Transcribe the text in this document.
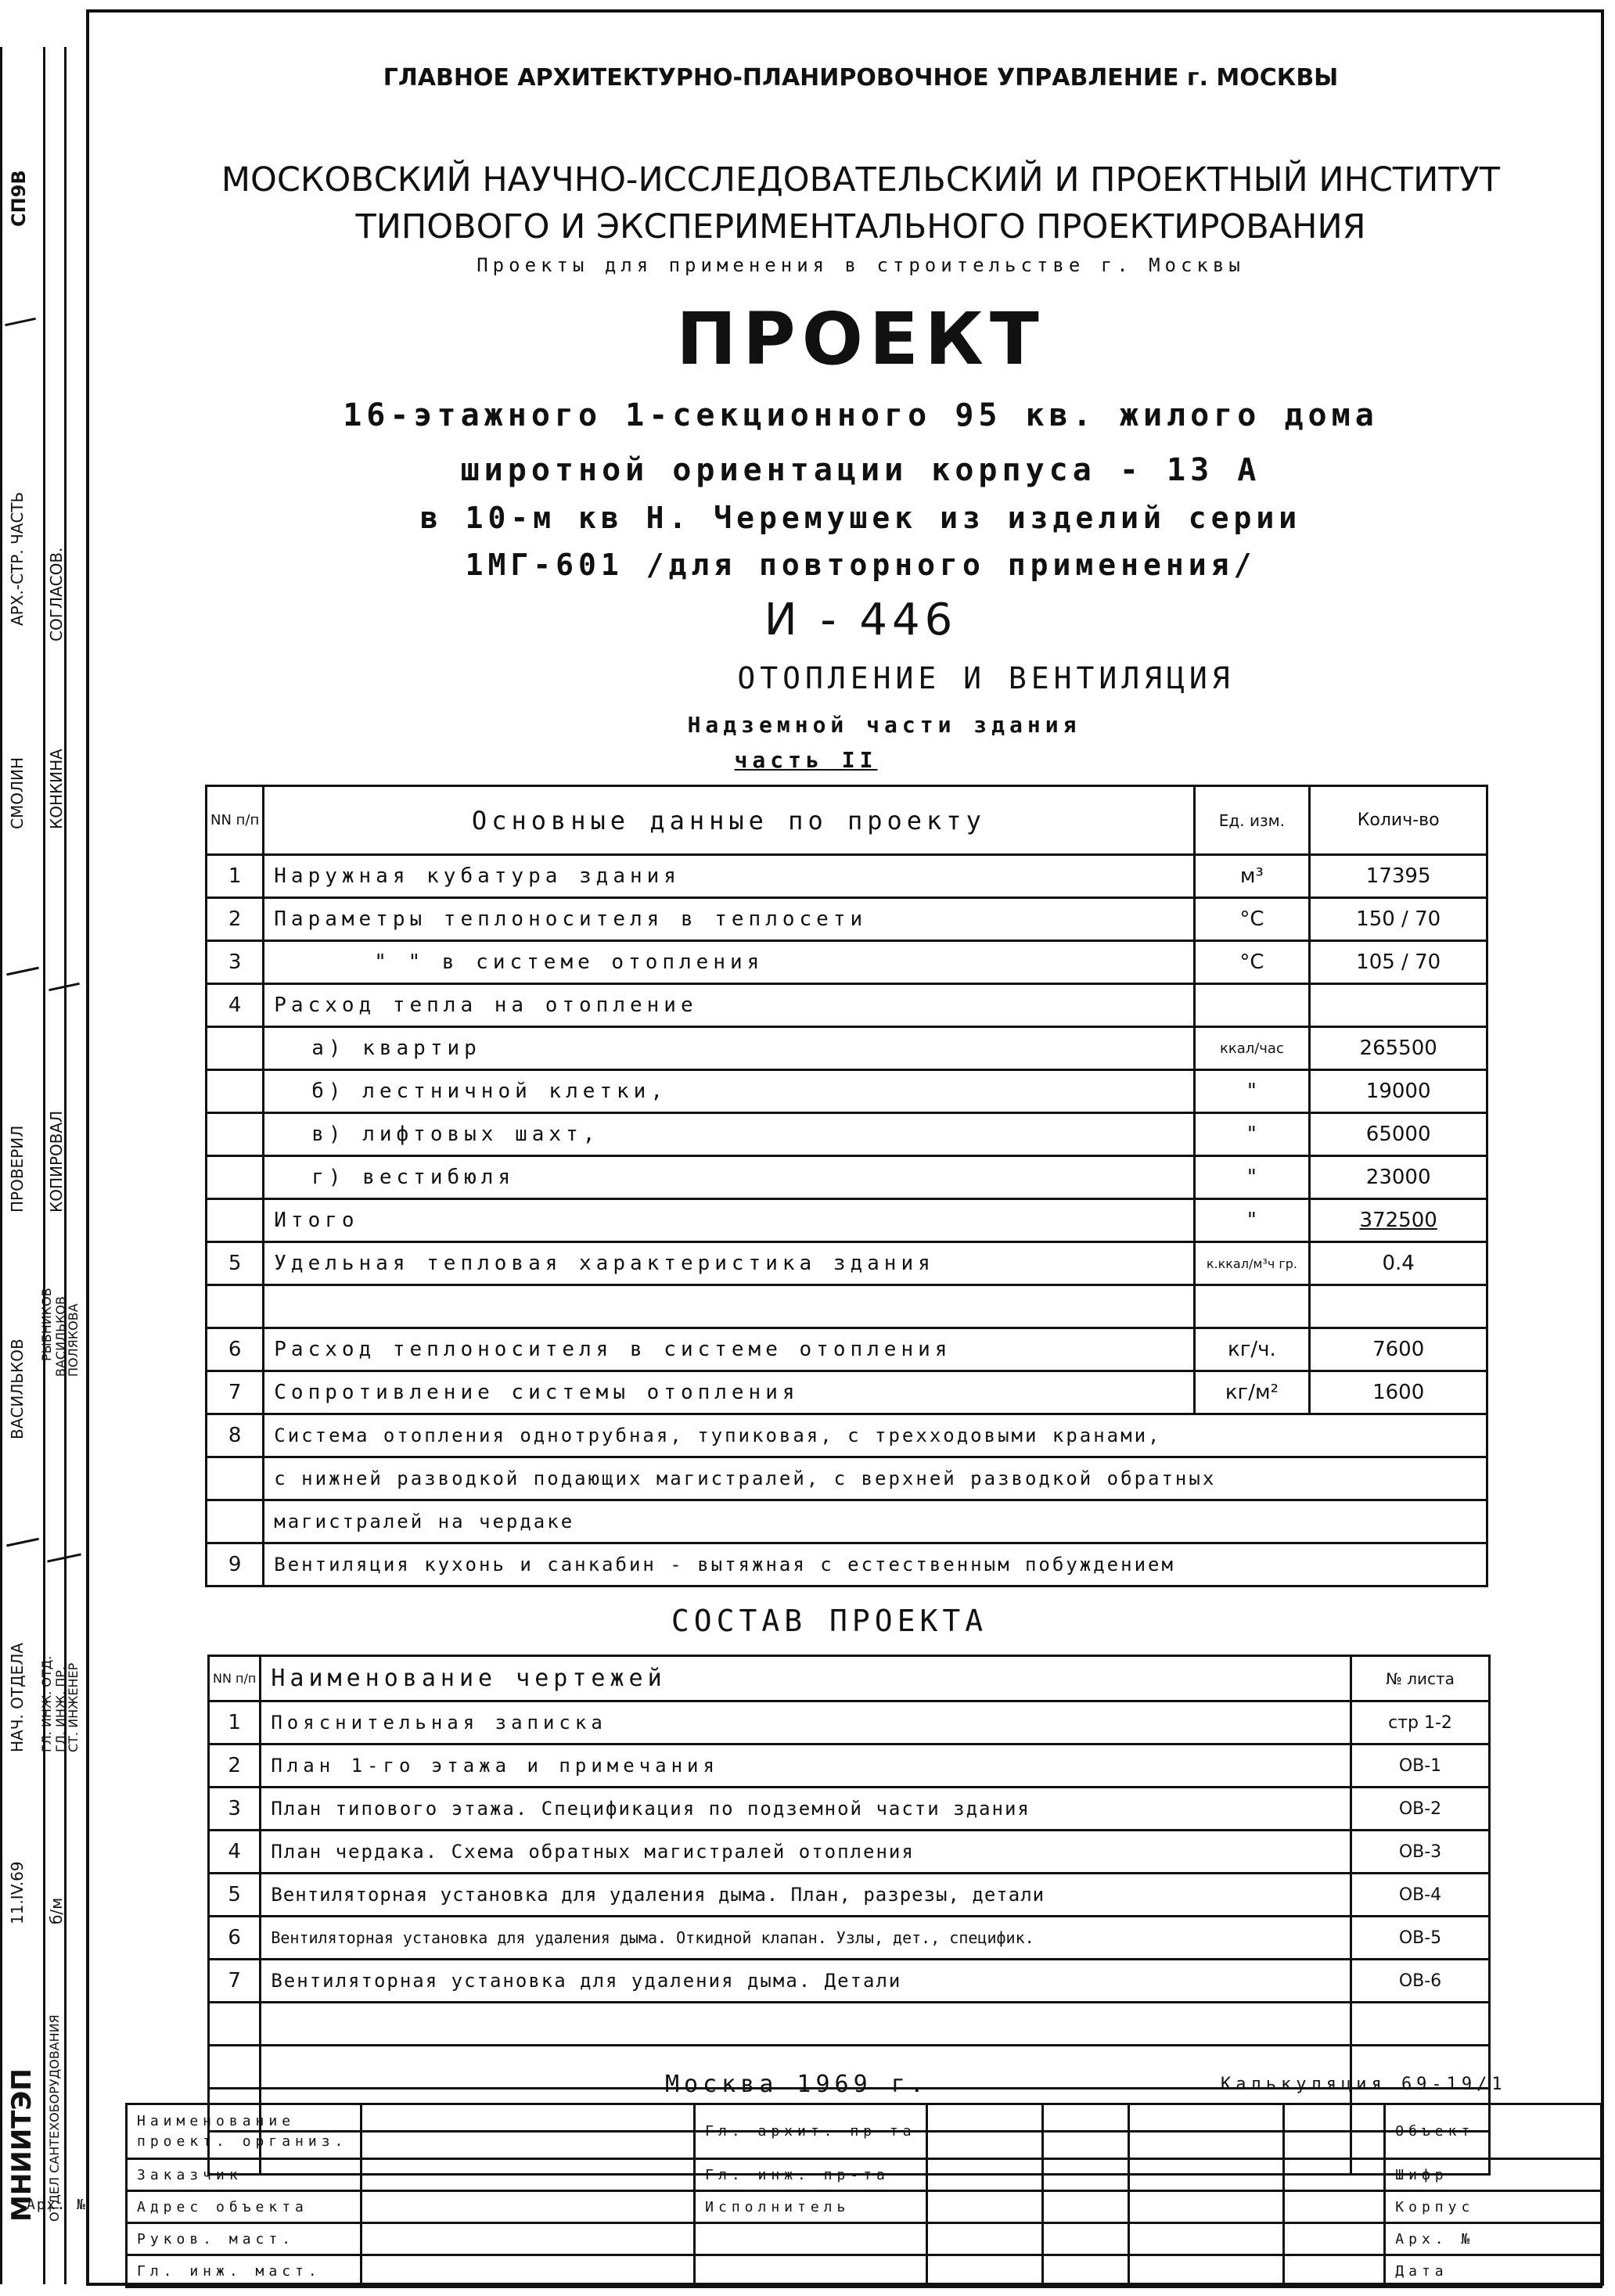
СП9В
АРХ.-СТР. ЧАСТЬ СОГЛАСОВ.
СМОЛИН КОНКИНА
ПРОВЕРИЛ КОПИРОВАЛ
ВАСИЛЬКОВ
РЫБНИКОВ ВАСИЛЬКОВ
ПОЛЯКОВА
НАЧ. ОТДЕЛА ГЛ. ИНЖ. ОТД. ГЛ. ИНЖ. ПР.
СТ. ИНЖЕНЕР
11.IV.69 б/м
МНИИТЭП ОТДЕЛ САНТЕХОБОРУДОВАНИЯ
ГЛАВНОЕ АРХИТЕКТУРНО-ПЛАНИРОВОЧНОЕ УПРАВЛЕНИЕ г. МОСКВЫ
МОСКОВСКИЙ НАУЧНО-ИССЛЕДОВАТЕЛЬСКИЙ И ПРОЕКТНЫЙ ИНСТИТУТ
ТИПОВОГО И ЭКСПЕРИМЕНТАЛЬНОГО ПРОЕКТИРОВАНИЯ
Проекты для применения в строительстве г. Москвы
ПРОЕКТ
16-этажного 1-секционного 95 кв. жилого дома
широтной ориентации корпуса - 13 А
в 10-м кв Н. Черемушек из изделий серии
1МГ-601 /для повторного применения/
И - 446
ОТОПЛЕНИЕ И ВЕНТИЛЯЦИЯ
Надземной части здания
часть II
NN п/п	Основные данные по проекту	Ед. изм.	Колич-во
1	Наружная кубатура здания	м³	17395
2	Параметры теплоносителя в теплосети	°С	150 / 70
3	" " в системе отопления	°С	105 / 70
4	Расход тепла на отопление		
	а) квартир	ккал/час	265500
	б) лестничной клетки,	"	19000
	в) лифтовых шахт,	"	65000
	г) вестибюля	"	23000
	Итого	"	372500
5	Удельная тепловая характеристика здания	к.ккал/м³ч гр.	0.4

6	Расход теплоносителя в системе отопления	кг/ч.	7600
7	Сопротивление системы отопления	кг/м²	1600
8	Система отопления однотрубная, тупиковая, с трехходовыми кранами,		
	с нижней разводкой подающих магистралей, с верхней разводкой обратных		
	магистралей на чердаке		
9	Вентиляция кухонь и санкабин - вытяжная с естественным побуждением		
СОСТАВ ПРОЕКТА
NN п/п	Наименование чертежей	№ листа
1	Пояснительная записка	стр 1-2
2	План 1-го этажа и примечания	ОВ-1
3	План типового этажа. Спецификация по подземной части здания	ОВ-2
4	План чердака. Схема обратных магистралей отопления	ОВ-3
5	Вентиляторная установка для удаления дыма. План, разрезы, детали	ОВ-4
6	Вентиляторная установка для удаления дыма. Откидной клапан. Узлы, дет., специфик.	ОВ-5
7	Вентиляторная установка для удаления дыма. Детали	ОВ-6

Москва 1969 г.	Калькуляция 69-19/1
Наименование проект. организ.		Гл. архит. пр-та					Объект
Заказчик		Гл. инж. пр-та					Шифр
Адрес объекта		Исполнитель					Корпус
Руков. маст.							Арх. №
Гл. инж. маст.							Дата
Арх. №
